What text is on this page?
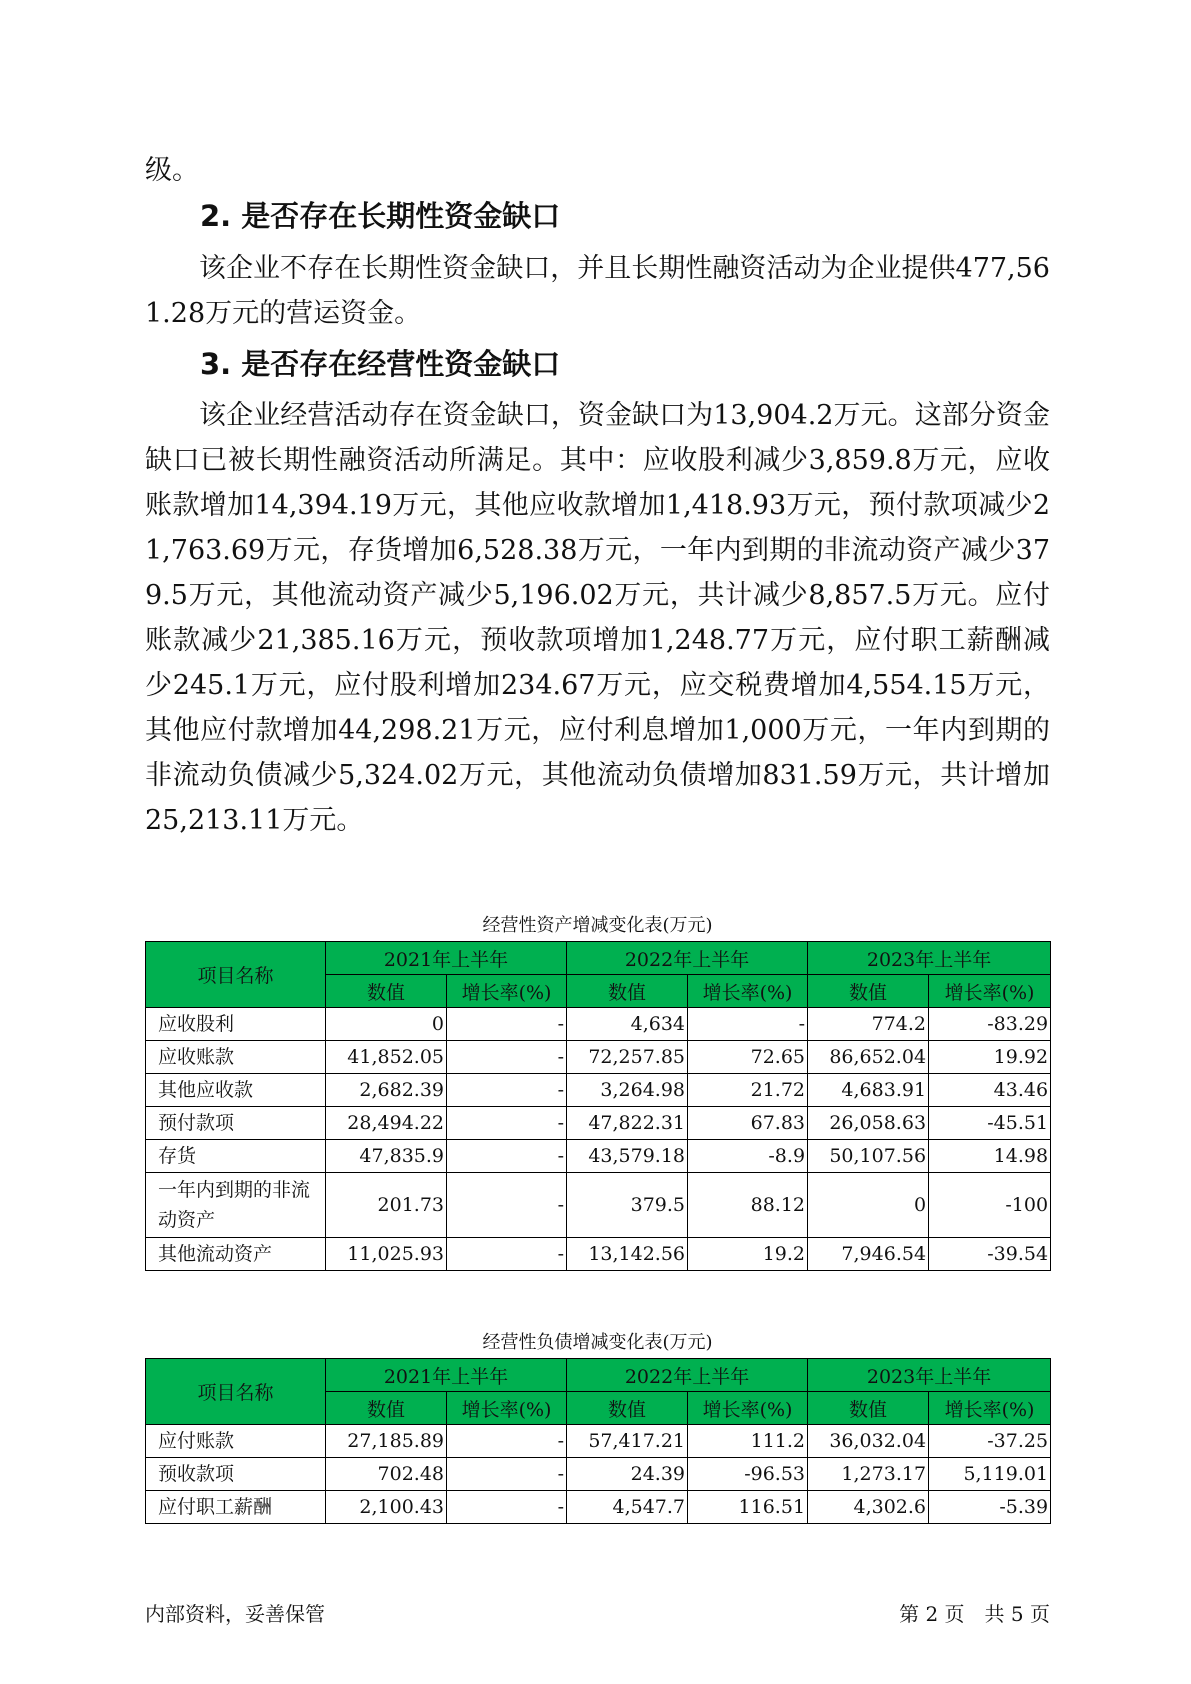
级。

2. 是否存在长期性资金缺口

该企业不存在长期性资金缺口，并且长期性融资活动为企业提供477,561.28万元的营运资金。

3. 是否存在经营性资金缺口

该企业经营活动存在资金缺口，资金缺口为13,904.2万元。这部分资金缺口已被长期性融资活动所满足。其中：应收股利减少3,859.8万元，应收账款增加14,394.19万元，其他应收款增加1,418.93万元，预付款项减少21,763.69万元，存货增加6,528.38万元，一年内到期的非流动资产减少379.5万元，其他流动资产减少5,196.02万元，共计减少8,857.5万元。应付账款减少21,385.16万元，预收款项增加1,248.77万元，应付职工薪酬减少245.1万元，应付股利增加234.67万元，应交税费增加4,554.15万元，其他应付款增加44,298.21万元，应付利息增加1,000万元，一年内到期的非流动负债减少5,324.02万元，其他流动负债增加831.59万元，共计增加25,213.11万元。

经营性资产增减变化表(万元)

项目名称	2021年上半年		2022年上半年		2023年上半年	
	数值	增长率(%)	数值	增长率(%)	数值	增长率(%)
应收股利	0	-	4,634	-	774.2	-83.29
应收账款	41,852.05	-	72,257.85	72.65	86,652.04	19.92
其他应收款	2,682.39	-	3,264.98	21.72	4,683.91	43.46
预付款项	28,494.22	-	47,822.31	67.83	26,058.63	-45.51
存货	47,835.9	-	43,579.18	-8.9	50,107.56	14.98
一年内到期的非流动资产	201.73	-	379.5	88.12	0	-100
其他流动资产	11,025.93	-	13,142.56	19.2	7,946.54	-39.54

经营性负债增减变化表(万元)

项目名称	2021年上半年		2022年上半年		2023年上半年	
	数值	增长率(%)	数值	增长率(%)	数值	增长率(%)
应付账款	27,185.89	-	57,417.21	111.2	36,032.04	-37.25
预收款项	702.48	-	24.39	-96.53	1,273.17	5,119.01
应付职工薪酬	2,100.43	-	4,547.7	116.51	4,302.6	-5.39

内部资料，妥善保管	第 2 页　共 5 页
